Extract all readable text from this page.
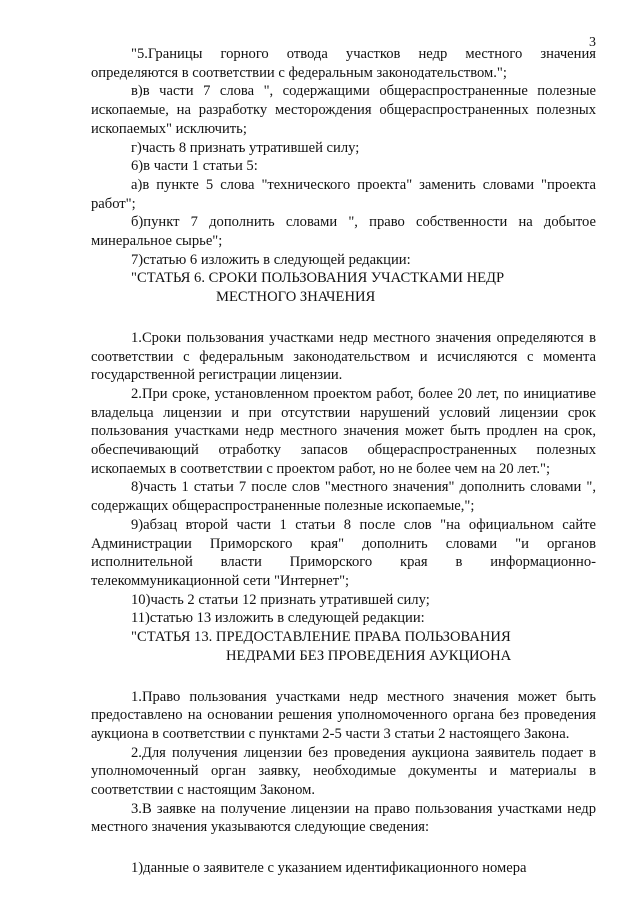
3

"5.Границы горного отвода участков недр местного значения определяются в соответствии с федеральным законодательством.";

в)в части 7 слова ", содержащими общераспространенные полезные ископаемые, на разработку месторождения общераспространенных полезных ископаемых" исключить;

г)часть 8 признать утратившей силу;

6)в части 1 статьи 5:

а)в пункте 5 слова "технического проекта" заменить словами "проекта работ";

б)пункт 7 дополнить словами ", право собственности на добытое минеральное сырье";

7)статью 6 изложить в следующей редакции:

"СТАТЬЯ 6. СРОКИ ПОЛЬЗОВАНИЯ УЧАСТКАМИ НЕДР
МЕСТНОГО ЗНАЧЕНИЯ

1.Сроки пользования участками недр местного значения определяются в соответствии с федеральным законодательством и исчисляются с момента государственной регистрации лицензии.

2.При сроке, установленном проектом работ, более 20 лет, по инициативе владельца лицензии и при отсутствии нарушений условий лицензии срок пользования участками недр местного значения может быть продлен на срок, обеспечивающий отработку запасов общераспространенных полезных ископаемых в соответствии с проектом работ, но не более чем на 20 лет.";

8)часть 1 статьи 7 после слов "местного значения" дополнить словами ", содержащих общераспространенные полезные ископаемые,";

9)абзац второй части 1 статьи 8 после слов "на официальном сайте Администрации Приморского края" дополнить словами "и органов исполнительной власти Приморского края в информационно-телекоммуникационной сети "Интернет";

10)часть 2 статьи 12 признать утратившей силу;

11)статью 13 изложить в следующей редакции:

"СТАТЬЯ 13. ПРЕДОСТАВЛЕНИЕ ПРАВА ПОЛЬЗОВАНИЯ
НЕДРАМИ БЕЗ ПРОВЕДЕНИЯ АУКЦИОНА

1.Право пользования участками недр местного значения может быть предоставлено на основании решения уполномоченного органа без проведения аукциона в соответствии с пунктами 2-5 части 3 статьи 2 настоящего Закона.

2.Для получения лицензии без проведения аукциона заявитель подает в уполномоченный орган заявку, необходимые документы и материалы в соответствии с настоящим Законом.

3.В заявке на получение лицензии на право пользования участками недр местного значения указываются следующие сведения:

1)данные о заявителе с указанием идентификационного номера
